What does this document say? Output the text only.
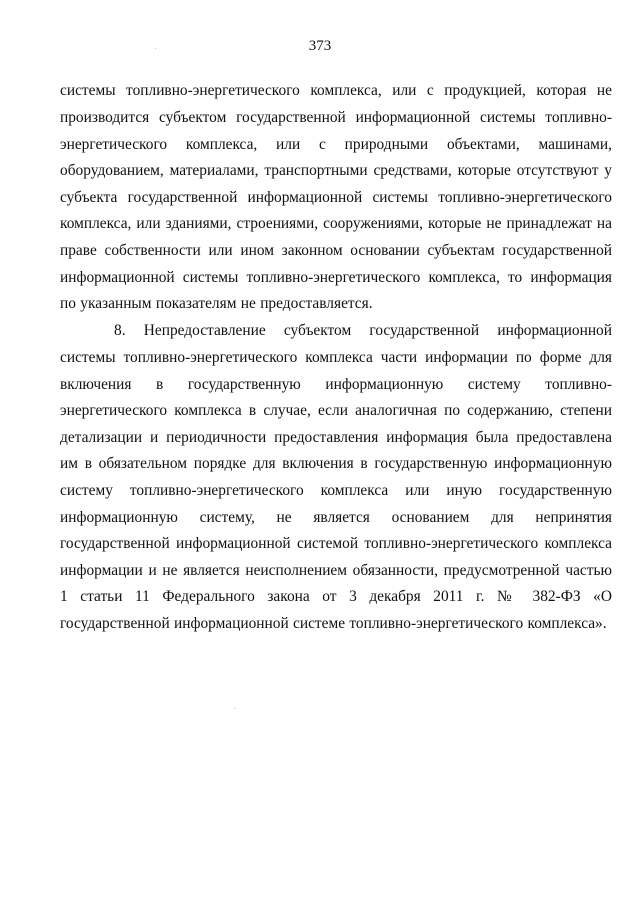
373

системы топливно-энергетического комплекса, или с продукцией, которая не производится субъектом государственной информационной системы топливно-энергетического комплекса, или с природными объектами, машинами, оборудованием, материалами, транспортными средствами, которые отсутствуют у субъекта государственной информационной системы топливно-энергетического комплекса, или зданиями, строениями, сооружениями, которые не принадлежат на праве собственности или ином законном основании субъектам государственной информационной системы топливно-энергетического комплекса, то информация по указанным показателям не предоставляется.

8. Непредоставление субъектом государственной информационной системы топливно-энергетического комплекса части информации по форме для включения в государственную информационную систему топливно-энергетического комплекса в случае, если аналогичная по содержанию, степени детализации и периодичности предоставления информация была предоставлена им в обязательном порядке для включения в государственную информационную систему топливно-энергетического комплекса или иную государственную информационную систему, не является основанием для непринятия государственной информационной системой топливно-энергетического комплекса информации и не является неисполнением обязанности, предусмотренной частью 1 статьи 11 Федерального закона от 3 декабря 2011 г. № 382-ФЗ «О государственной информационной системе топливно-энергетического комплекса».
